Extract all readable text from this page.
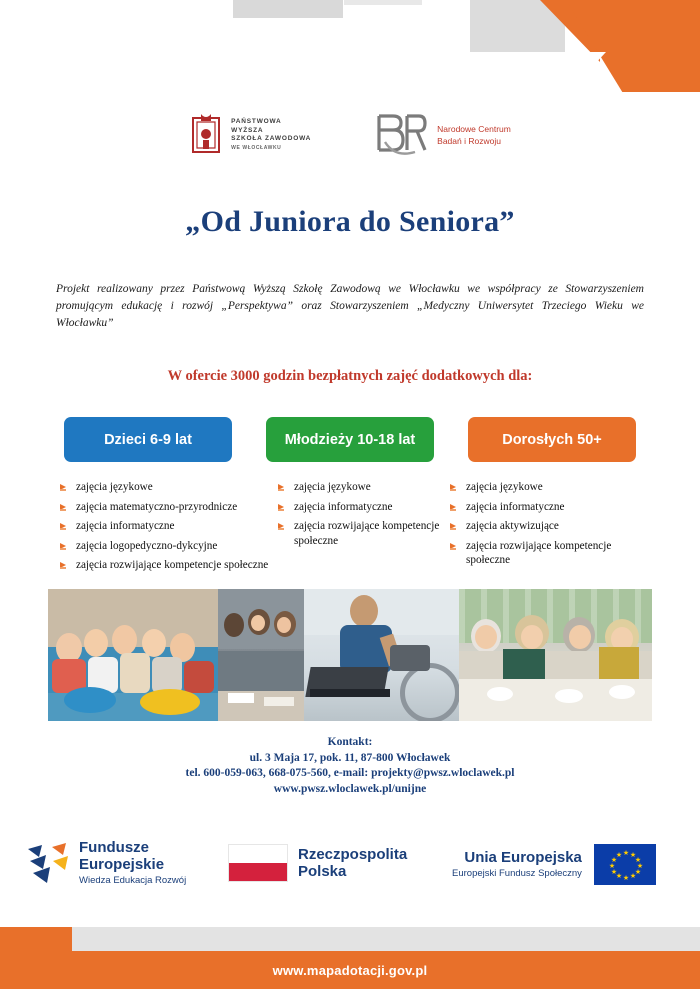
PAŃSTWOWA
WYŻSZA
SZKOŁA ZAWODOWA
WE WŁOCŁAWKU
Narodowe Centrum
Badań i Rozwoju
„Od Juniora do Seniora”
Projekt realizowany przez Państwową Wyższą Szkołę Zawodową we Włocławku we współpracy ze Stowarzyszeniem promującym edukację i rozwój „Perspektywa” oraz Stowarzyszeniem „Medyczny Uniwersytet Trzeciego Wieku we Włocławku”
W ofercie 3000 godzin bezpłatnych zajęć dodatkowych dla:
Dzieci 6-9 lat	Młodzieży 10-18 lat	Dorosłych 50+
zajęcia językowe
zajęcia matematyczno-przyrodnicze
zajęcia informatyczne
zajęcia logopedyczno-dykcyjne
zajęcia rozwijające kompetencje społeczne
zajęcia językowe
zajęcia informatyczne
zajęcia rozwijające kompetencje społeczne
zajęcia językowe
zajęcia informatyczne
zajęcia aktywizujące
zajęcia rozwijające kompetencje społeczne
Kontakt:
ul. 3 Maja 17, pok. 11, 87-800 Włocławek
tel. 600-059-063, 668-075-560, e-mail: projekty@pwsz.wloclawek.pl
www.pwsz.wloclawek.pl/unijne
Fundusze
Europejskie
Wiedza Edukacja Rozwój
Rzeczpospolita
Polska
Unia Europejska
Europejski Fundusz Społeczny
★
★ ★
★	★
★	★
★	★
★ ★
★
www.mapadotacji.gov.pl
